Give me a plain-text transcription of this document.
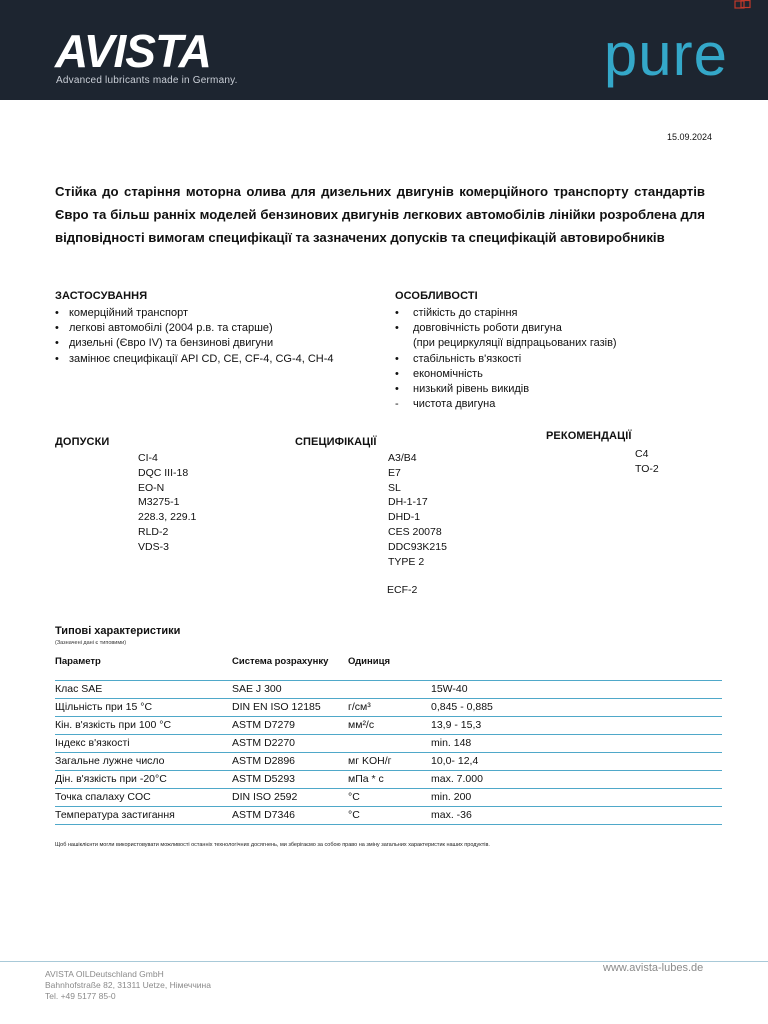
AVISTA
Advanced lubricants made in Germany.	pure
15.09.2024
Стійка до старіння моторна олива для дизельних двигунів комерційного транспорту стандартів Євро та більш ранніх моделей бензинових двигунів легкових автомобілів лінійки розроблена для відповідності вимогам специфікації та зазначених допусків та специфікацій автовиробників
ЗАСТОСУВАННЯ
• комерційний транспорт
• легкові автомобілі (2004 р.в. та старше)
• дизельні (Євро IV) та бензинові двигуни
• замінює специфікації API CD, CE, CF-4, CG-4, CH-4
ОСОБЛИВОСТІ
• стійкість до старіння
• довговічність роботи двигуна
(при рециркуляції відпрацьованих газів)
• стабільність в'язкості
• економічність
• низький рівень викидів
- чистота двигуна
ДОПУСКИ
CI-4
DQC III-18
EO-N
M3275-1
228.3, 229.1
RLD-2
VDS-3
СПЕЦИФІКАЦІЇ
A3/B4
E7
SL
DH-1-17
DHD-1
CES 20078
DDC93K215
TYPE 2
ECF-2
РЕКОМЕНДАЦІЇ
C4
TO-2
Типові характеристики
(Зазначені дані є типовими)
Параметр	Система розрахунку	Одиниця	
Клас SAE	SAE J 300		15W-40
Щільність при 15 °C	DIN EN ISO 12185	г/см³	0,845 - 0,885
Кін. в'язкість при 100 °C	ASTM D7279	мм²/с	13,9 - 15,3
Індекс в'язкості	ASTM D2270		min. 148
Загальне лужне число	ASTM D2896	мг KOH/г	10,0- 12,4
Дін. в'язкість при -20°C	ASTM D5293	мПа * с	max. 7.000
Точка спалаху COC	DIN ISO 2592	°C	min. 200
Температура застигання	ASTM D7346	°C	max. -36
Щоб нашіклієнти могли використовувати можливості останніх технологічних досягнень, ми зберігаємо за собою право на зміну загальних характеристик наших продуктів.
AVISTA OILDeutschland GmbH
Bahnhofstraße 82, 31311 Uetze, Німеччина
Tel. +49 5177 85-0
www.avista-lubes.de
